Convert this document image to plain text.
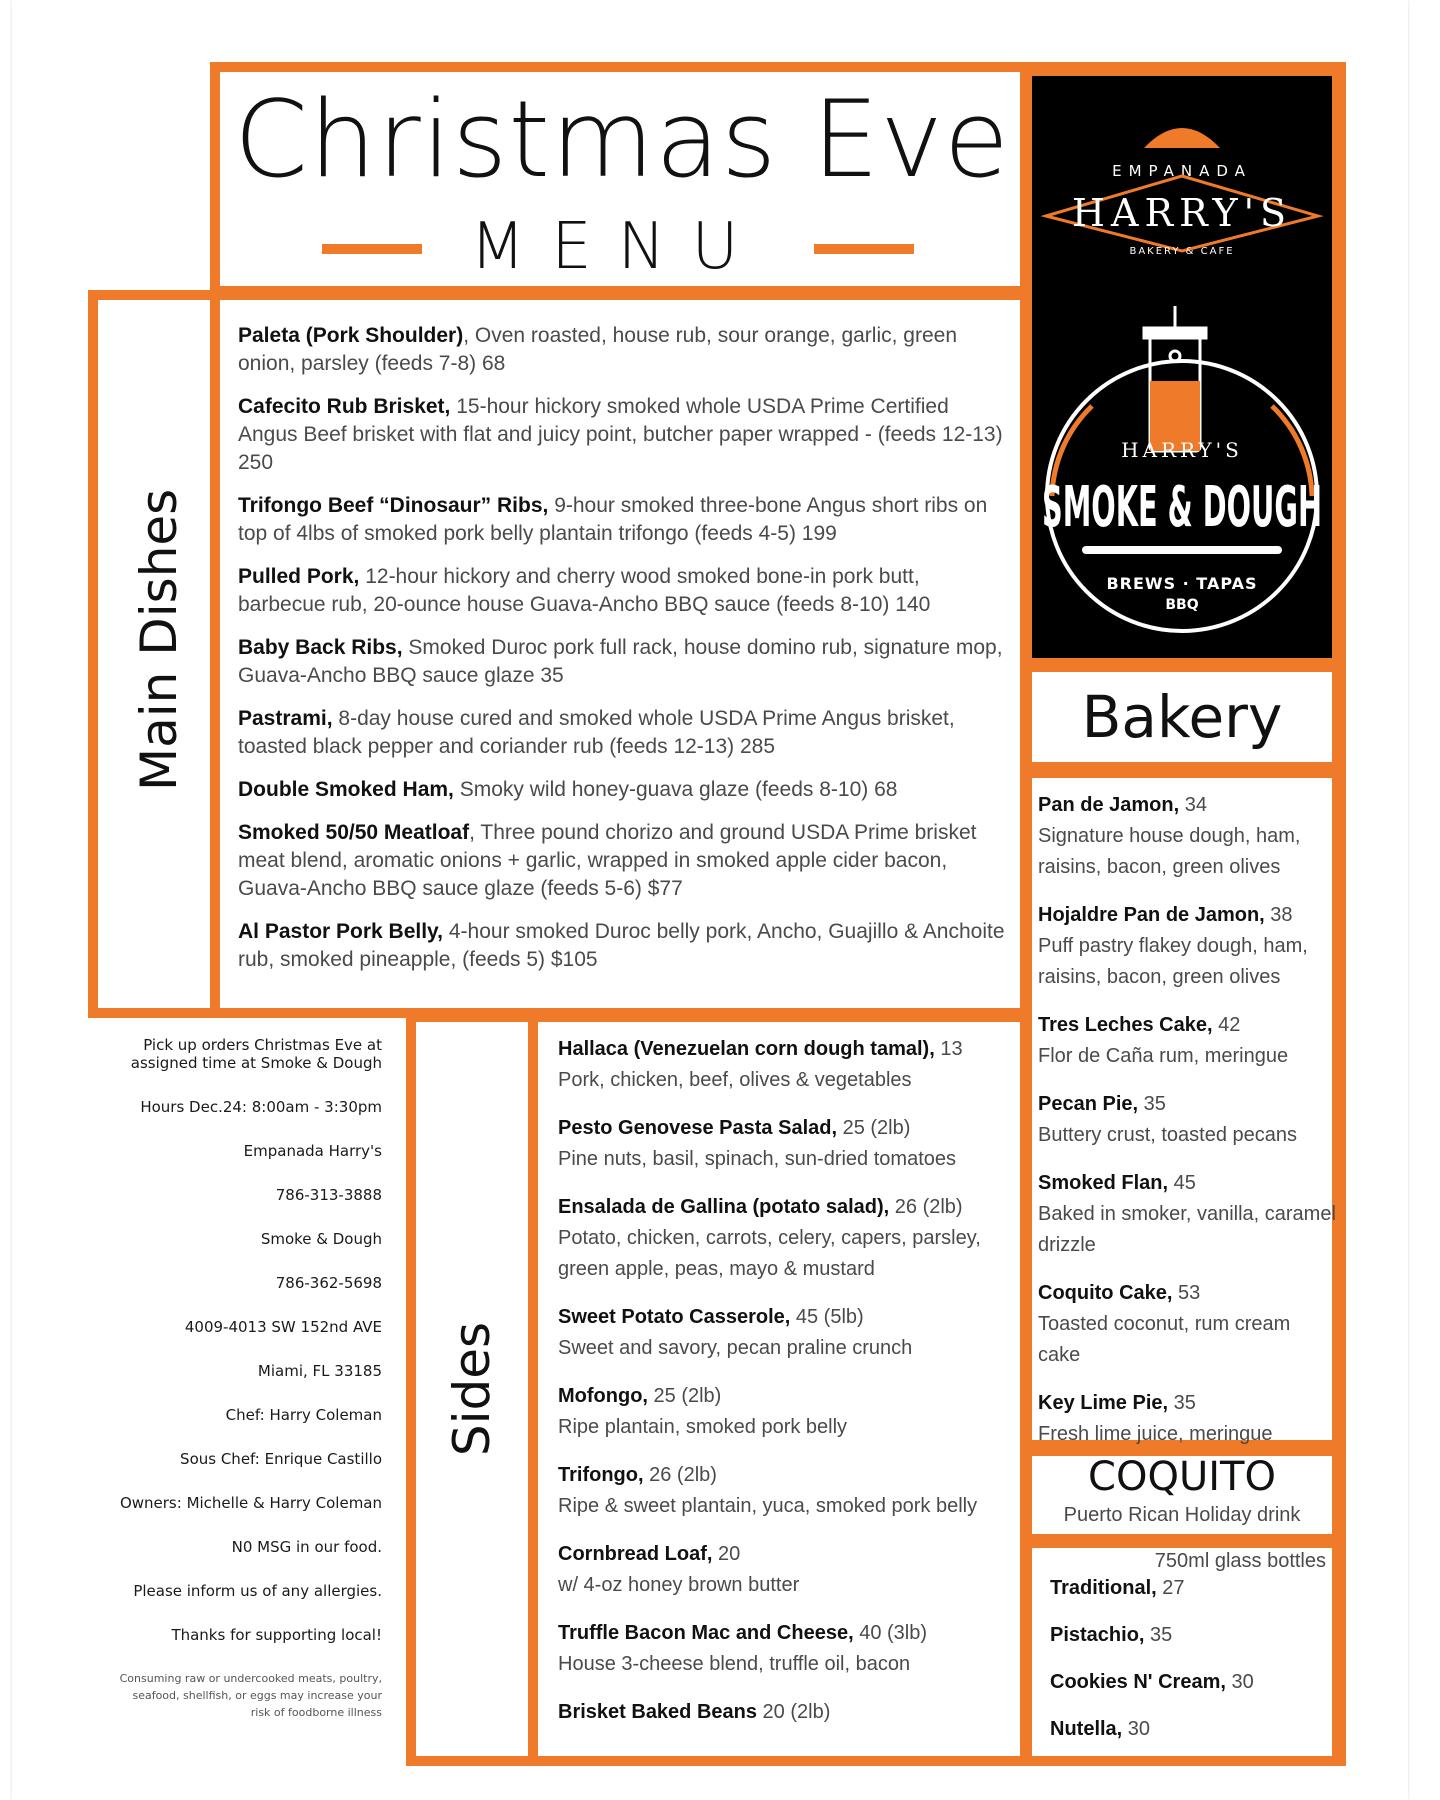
EMPANADA
HARRY'S
BAKERY & CAFE
HARRY'S
SMOKE & DOUGH
BREWS · TAPAS
BBQ
Bakery
Christmas Eve
MENU
Main Dishes
Sides
Paleta (Pork Shoulder), Oven roasted, house rub, sour orange, garlic, green onion, parsley (feeds 7-8) 68
Cafecito Rub Brisket, 15-hour hickory smoked whole USDA Prime Certified Angus Beef brisket with flat and juicy point, butcher paper wrapped - (feeds 12-13) 250
Trifongo Beef “Dinosaur” Ribs, 9-hour smoked three-bone Angus short ribs on top of 4lbs of smoked pork belly plantain trifongo (feeds 4-5) 199
Pulled Pork, 12-hour hickory and cherry wood smoked bone-in pork butt, barbecue rub, 20-ounce house Guava-Ancho BBQ sauce (feeds 8-10) 140
Baby Back Ribs, Smoked Duroc pork full rack, house domino rub, signature mop, Guava-Ancho BBQ sauce glaze 35
Pastrami, 8-day house cured and smoked whole USDA Prime Angus brisket, toasted black pepper and coriander rub (feeds 12-13) 285
Double Smoked Ham, Smoky wild honey-guava glaze (feeds 8-10) 68
Smoked 50/50 Meatloaf, Three pound chorizo and ground USDA Prime brisket meat blend, aromatic onions + garlic, wrapped in smoked apple cider bacon, Guava-Ancho BBQ sauce glaze (feeds 5-6) $77
Al Pastor Pork Belly, 4-hour smoked Duroc belly pork, Ancho, Guajillo & Anchoite rub, smoked pineapple, (feeds 5) $105
Pick up orders Christmas Eve at assigned time at Smoke & Dough
Hours Dec.24: 8:00am - 3:30pm
Empanada Harry's
786-313-3888
Smoke & Dough
786-362-5698
4009-4013 SW 152nd AVE
Miami, FL 33185
Chef: Harry Coleman
Sous Chef: Enrique Castillo
Owners: Michelle & Harry Coleman
N0 MSG in our food.
Please inform us of any allergies.
Thanks for supporting local!
Consuming raw or undercooked meats, poultry, seafood, shellfish, or eggs may increase your risk of foodborne illness
Hallaca (Venezuelan corn dough tamal), 13
Pork, chicken, beef, olives & vegetables
Pesto Genovese Pasta Salad, 25 (2lb)
Pine nuts, basil, spinach, sun-dried tomatoes
Ensalada de Gallina (potato salad), 26 (2lb)
Potato, chicken, carrots, celery, capers, parsley, green apple, peas, mayo & mustard
Sweet Potato Casserole, 45 (5lb)
Sweet and savory, pecan praline crunch
Mofongo, 25 (2lb)
Ripe plantain, smoked pork belly
Trifongo, 26 (2lb)
Ripe & sweet plantain, yuca, smoked pork belly
Cornbread Loaf, 20
w/ 4-oz honey brown butter
Truffle Bacon Mac and Cheese, 40 (3lb)
House 3-cheese blend, truffle oil, bacon
Brisket Baked Beans 20 (2lb)
Pan de Jamon, 34
Signature house dough, ham, raisins, bacon, green olives
Hojaldre Pan de Jamon, 38
Puff pastry flakey dough, ham, raisins, bacon, green olives
Tres Leches Cake, 42
Flor de Caña rum, meringue
Pecan Pie, 35
Buttery crust, toasted pecans
Smoked Flan, 45
Baked in smoker, vanilla, caramel drizzle
Coquito Cake, 53
Toasted coconut, rum cream cake
Key Lime Pie, 35
Fresh lime juice, meringue
COQUITO
Puerto Rican Holiday drink
750ml glass bottles
Traditional, 27
Pistachio, 35
Cookies N' Cream, 30
Nutella, 30
